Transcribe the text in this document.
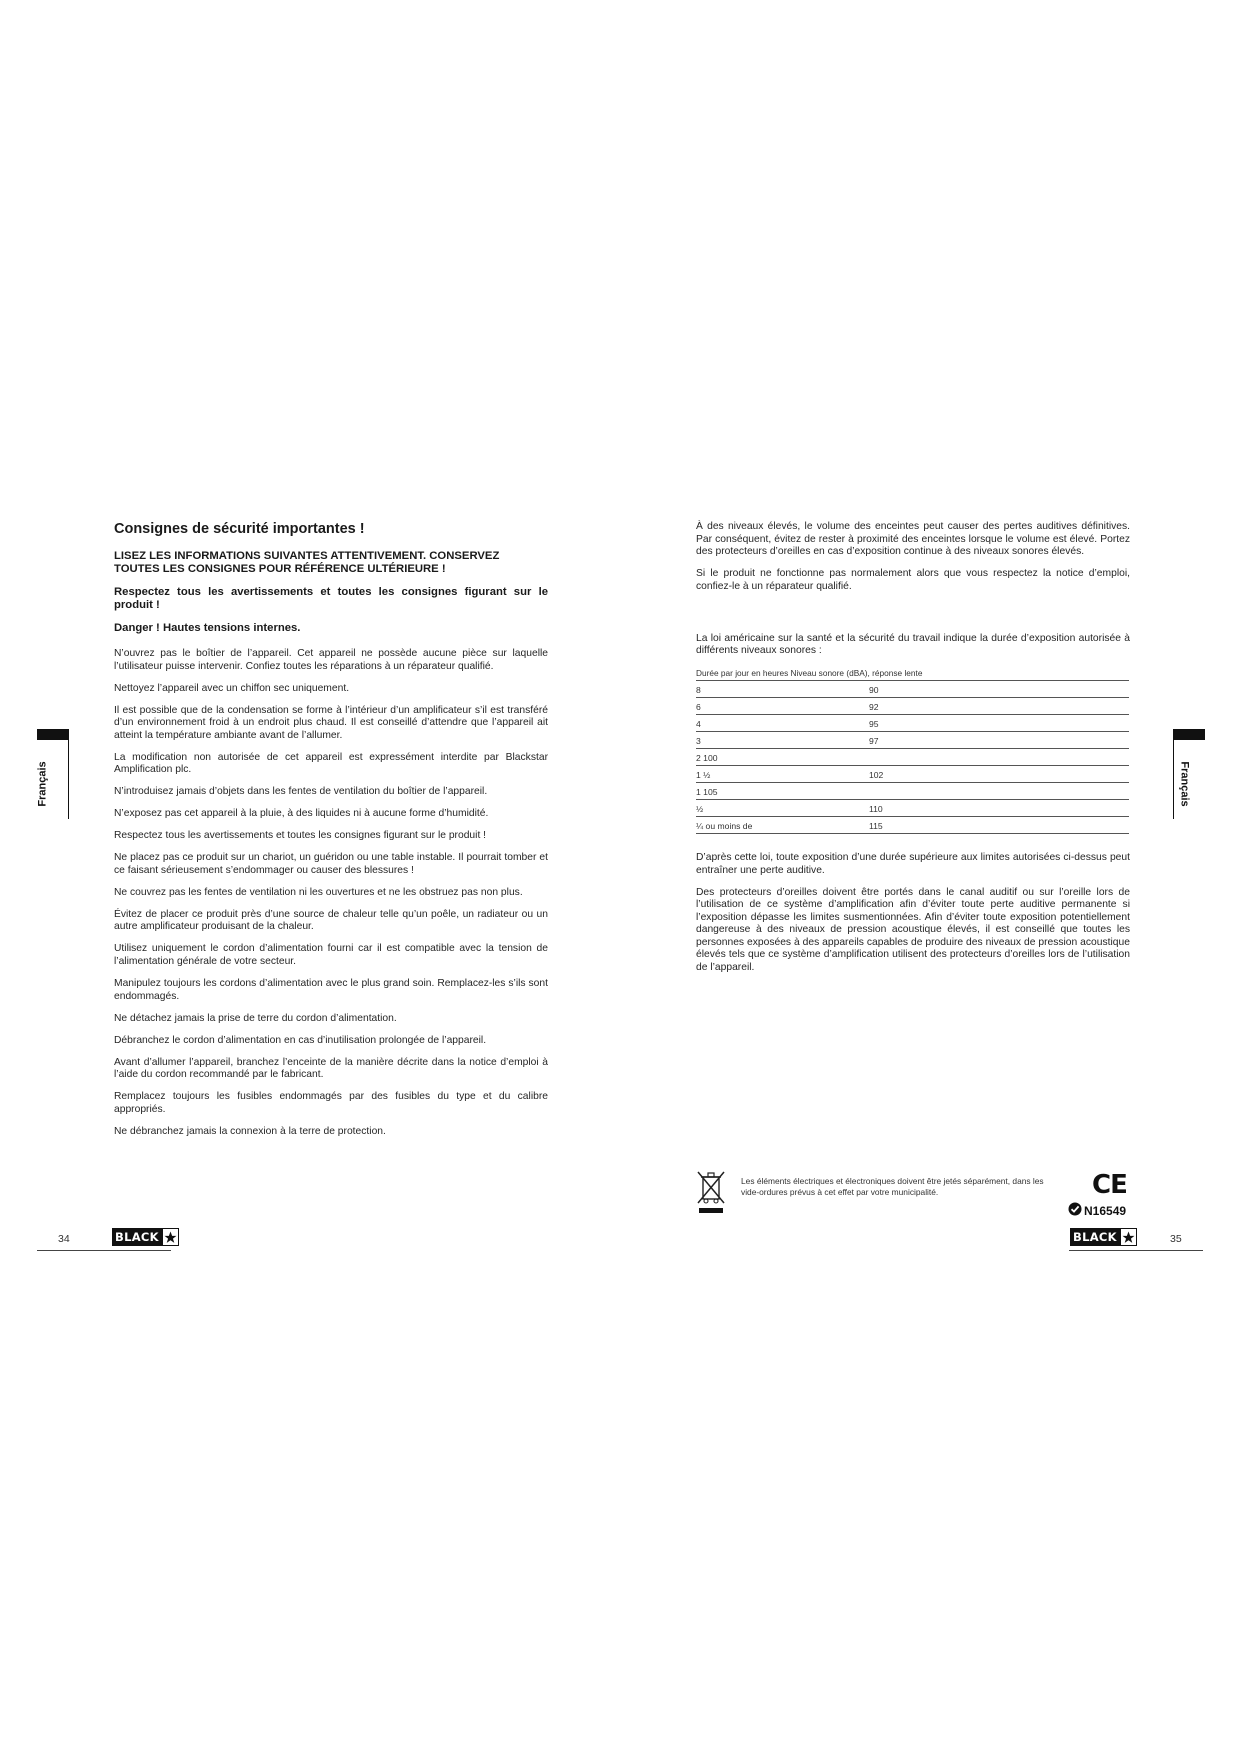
Français
Consignes de sécurité importantes !
LISEZ LES INFORMATIONS SUIVANTES ATTENTIVEMENT. CONSERVEZ TOUTES LES CONSIGNES POUR RÉFÉRENCE ULTÉRIEURE !
Respectez tous les avertissements et toutes les consignes figurant sur le produit !
Danger ! Hautes tensions internes.

N’ouvrez pas le boîtier de l’appareil. Cet appareil ne possède aucune pièce sur laquelle l’utilisateur puisse intervenir. Confiez toutes les réparations à un réparateur qualifié.

Nettoyez l’appareil avec un chiffon sec uniquement.

Il est possible que de la condensation se forme à l’intérieur d’un amplificateur s’il est transféré d’un environnement froid à un endroit plus chaud. Il est conseillé d’attendre que l’appareil ait atteint la température ambiante avant de l’allumer.

La modification non autorisée de cet appareil est expressément interdite par Blackstar Amplification plc.

N’introduisez jamais d’objets dans les fentes de ventilation du boîtier de l’appareil.

N’exposez pas cet appareil à la pluie, à des liquides ni à aucune forme d’humidité.

Respectez tous les avertissements et toutes les consignes figurant sur le produit !

Ne placez pas ce produit sur un chariot, un guéridon ou une table instable. Il pourrait tomber et ce faisant sérieusement s’endommager ou causer des blessures !

Ne couvrez pas les fentes de ventilation ni les ouvertures et ne les obstruez pas non plus.

Évitez de placer ce produit près d’une source de chaleur telle qu’un poêle, un radiateur ou un autre amplificateur produisant de la chaleur.

Utilisez uniquement le cordon d’alimentation fourni car il est compatible avec la tension de l’alimentation générale de votre secteur.

Manipulez toujours les cordons d’alimentation avec le plus grand soin. Remplacez-les s’ils sont endommagés.

Ne détachez jamais la prise de terre du cordon d’alimentation.

Débranchez le cordon d’alimentation en cas d’inutilisation prolongée de l’appareil.

Avant d’allumer l’appareil, branchez l’enceinte de la manière décrite dans la notice d’emploi à l’aide du cordon recommandé par le fabricant.

Remplacez toujours les fusibles endommagés par des fusibles du type et du calibre appropriés.

Ne débranchez jamais la connexion à la terre de protection.

34	BLACK
Français

À des niveaux élevés, le volume des enceintes peut causer des pertes auditives définitives. Par conséquent, évitez de rester à proximité des enceintes lorsque le volume est élevé. Portez des protecteurs d’oreilles en cas d’exposition continue à des niveaux sonores élevés.

Si le produit ne fonctionne pas normalement alors que vous respectez la notice d’emploi, confiez-le à un réparateur qualifié.

La loi américaine sur la santé et la sécurité du travail indique la durée d’exposition autorisée à différents niveaux sonores :

Durée par jour en heures Niveau sonore (dBA), réponse lente	
8	90
6	92
4	95
3	97
2 100	
1 ½	102
1 105	
½	110
¼ ou moins de	115

D’après cette loi, toute exposition d’une durée supérieure aux limites autorisées ci-dessus peut entraîner une perte auditive.

Des protecteurs d’oreilles doivent être portés dans le canal auditif ou sur l’oreille lors de l’utilisation de ce système d’amplification afin d’éviter toute perte auditive permanente si l’exposition dépasse les limites susmentionnées. Afin d’éviter toute exposition potentiellement dangereuse à des niveaux de pression acoustique élevés, il est conseillé que toutes les personnes exposées à des appareils capables de produire des niveaux de pression acoustique élevés tels que ce système d’amplification utilisent des protecteurs d’oreilles lors de l’utilisation de l’appareil.

Les éléments électriques et électroniques doivent être jetés séparément, dans les vide-ordures prévus à cet effet par votre municipalité.	CE
N16549
BLACK	35
